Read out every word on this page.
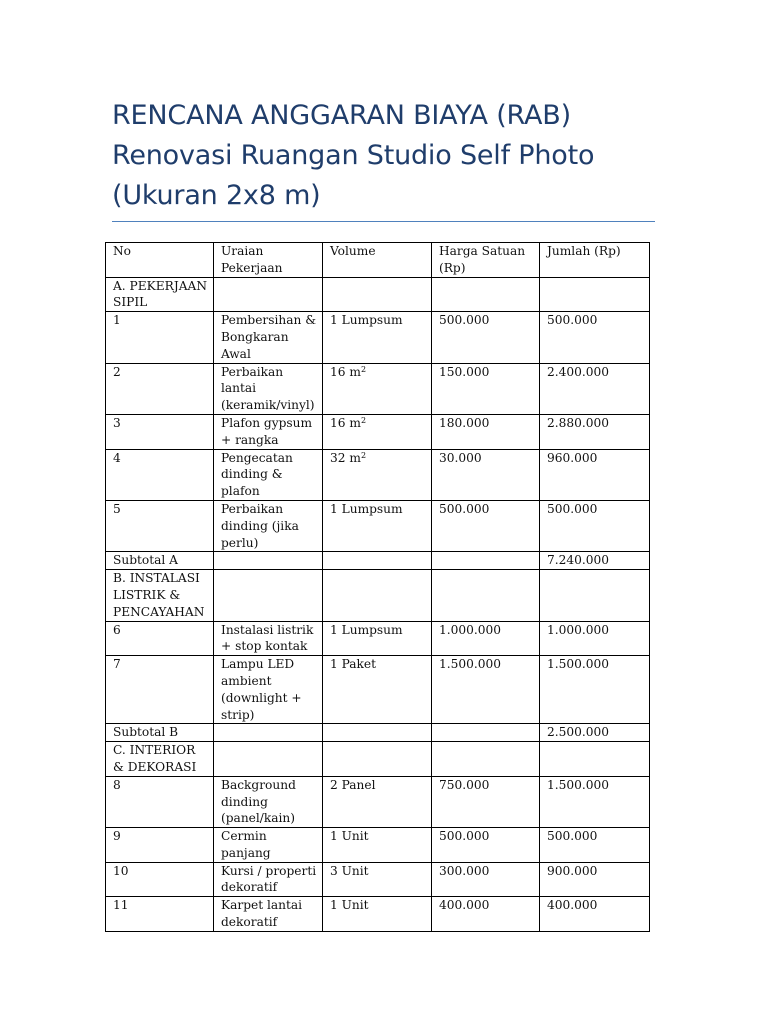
RENCANA ANGGARAN BIAYA (RAB)
Renovasi Ruangan Studio Self Photo
(Ukuran 2x8 m)
No	Uraian Pekerjaan	Volume	Harga Satuan (Rp)	Jumlah (Rp)
A. PEKERJAAN SIPIL				
1	Pembersihan & Bongkaran Awal	1 Lumpsum	500.000	500.000
2	Perbaikan lantai (keramik/vinyl)	16 $m^2$	150.000	2.400.000
3	Plafon gypsum + rangka	16 $m^2$	180.000	2.880.000
4	Pengecatan dinding & plafon	32 $m^2$	30.000	960.000
5	Perbaikan dinding (jika perlu)	1 Lumpsum	500.000	500.000
Subtotal A				7.240.000
B. INSTALASI LISTRIK & PENCAYAHAN				
6	Instalasi listrik + stop kontak	1 Lumpsum	1.000.000	1.000.000
7	Lampu LED ambient (downlight + strip)	1 Paket	1.500.000	1.500.000
Subtotal B				2.500.000
C. INTERIOR & DEKORASI				
8	Background dinding (panel/kain)	2 Panel	750.000	1.500.000
9	Cermin panjang	1 Unit	500.000	500.000
10	Kursi / properti dekoratif	3 Unit	300.000	900.000
11	Karpet lantai dekoratif	1 Unit	400.000	400.000
